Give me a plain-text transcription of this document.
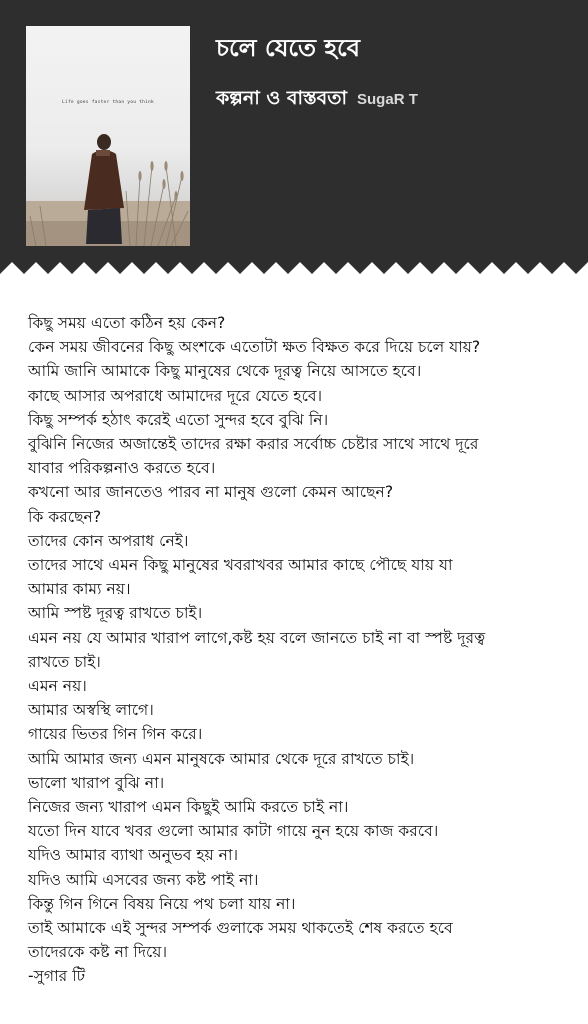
Life goes faster than you think
চলে যেতে হবে
কল্পনা ও বাস্তবতা SugaR T
কিছু সময় এতো কঠিন হয় কেন?
কেন সময় জীবনের কিছু অংশকে এতোটা ক্ষত বিক্ষত করে দিয়ে চলে যায়?
আমি জানি আমাকে কিছু মানুষের থেকে দূরত্ব নিয়ে আসতে হবে।
কাছে আসার অপরাধে আমাদের দূরে যেতে হবে।
কিছু সম্পর্ক হঠাৎ করেই এতো সুন্দর হবে বুঝি নি।
বুঝিনি নিজের অজান্তেই তাদের রক্ষা করার সর্বোচ্চ চেষ্টার সাথে সাথে দূরে
যাবার পরিকল্পনাও করতে হবে।
কখনো আর জানতেও পারব না মানুষ গুলো কেমন আছেন?
কি করছেন?
তাদের কোন অপরাধ নেই।
তাদের সাথে এমন কিছু মানুষের খবরাখবর আমার কাছে পৌছে যায় যা
আমার কাম্য নয়।
আমি স্পষ্ট দূরত্ব রাখতে চাই।
এমন নয় যে আমার খারাপ লাগে,কষ্ট হয় বলে জানতে চাই না বা স্পষ্ট দূরত্ব
রাখতে চাই।
এমন নয়।
আমার অস্বস্থি লাগে।
গায়ের ভিতর গিন গিন করে।
আমি আমার জন্য এমন মানুষকে আমার থেকে দূরে রাখতে চাই।
ভালো খারাপ বুঝি না।
নিজের জন্য খারাপ এমন কিছুই আমি করতে চাই না।
যতো দিন যাবে খবর গুলো আমার কাটা গায়ে নুন হয়ে কাজ করবে।
যদিও আমার ব্যাথা অনুভব হয় না।
যদিও আমি এসবের জন্য কষ্ট পাই না।
কিন্তু গিন গিনে বিষয় নিয়ে পথ চলা যায় না।
তাই আমাকে এই সুন্দর সম্পর্ক গুলাকে সময় থাকতেই শেষ করতে হবে
তাদেরকে কষ্ট না দিয়ে।
-সুগার টি
